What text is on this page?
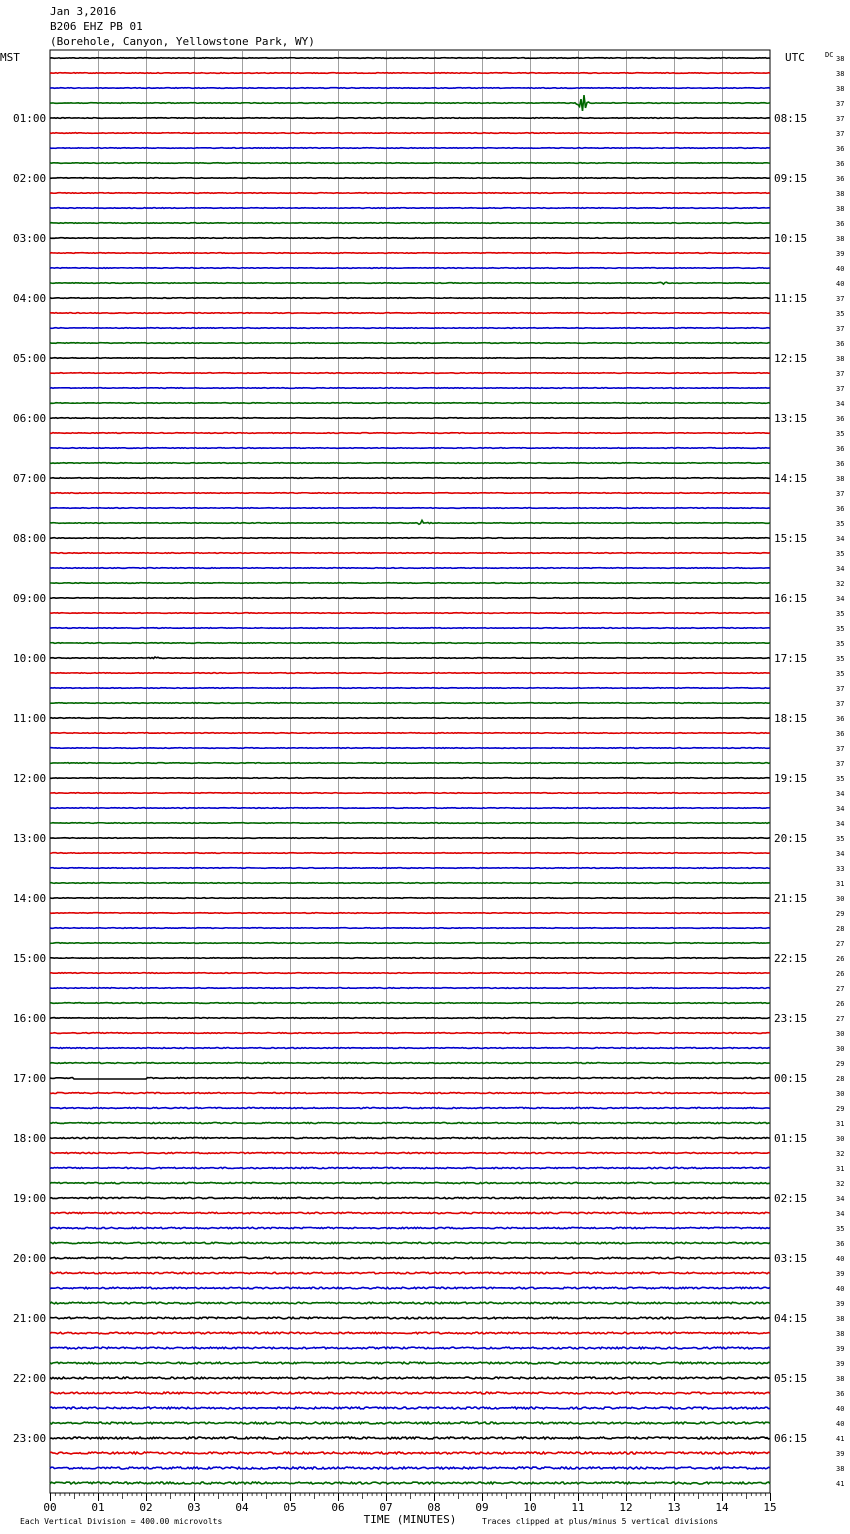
Jan 3,2016
B206 EHZ PB 01
(Borehole, Canyon, Yellowstone Park, WY)
MST	UTC	DC
TIME (MINUTES)
Each Vertical Division = 400.00 microvolts	Traces clipped at plus/minus 5 vertical divisions
00	01	02	03	04	05	06	07	08	09	10	11	12	13	14	15
38
38
38
37
37
37
36
36
36
38
38
36
38
39
40
40
37
35
37
36
38
37
37
34
36
35
36
36
38
37
36
35
34
35
34
32
34
35
35
35
35
35
37
37
36
36
37
37
35
34
34
34
35
34
33
31
30
29
28
27
26
26
27
26
27
30
30
29
28
30
29
31
30
32
31
32
34
34
35
36
40
39
40
39
38
38
39
39
38
36
40
40
41
39
38
41
01:00
02:00
03:00
04:00
05:00
06:00
07:00
08:00
09:00
10:00
11:00
12:00
13:00
14:00
15:00
16:00
17:00
18:00
19:00
20:00
21:00
22:00
23:00
08:15
09:15
10:15
11:15
12:15
13:15
14:15
15:15
16:15
17:15
18:15
19:15
20:15
21:15
22:15
23:15
00:15
01:15
02:15
03:15
04:15
05:15
06:15
